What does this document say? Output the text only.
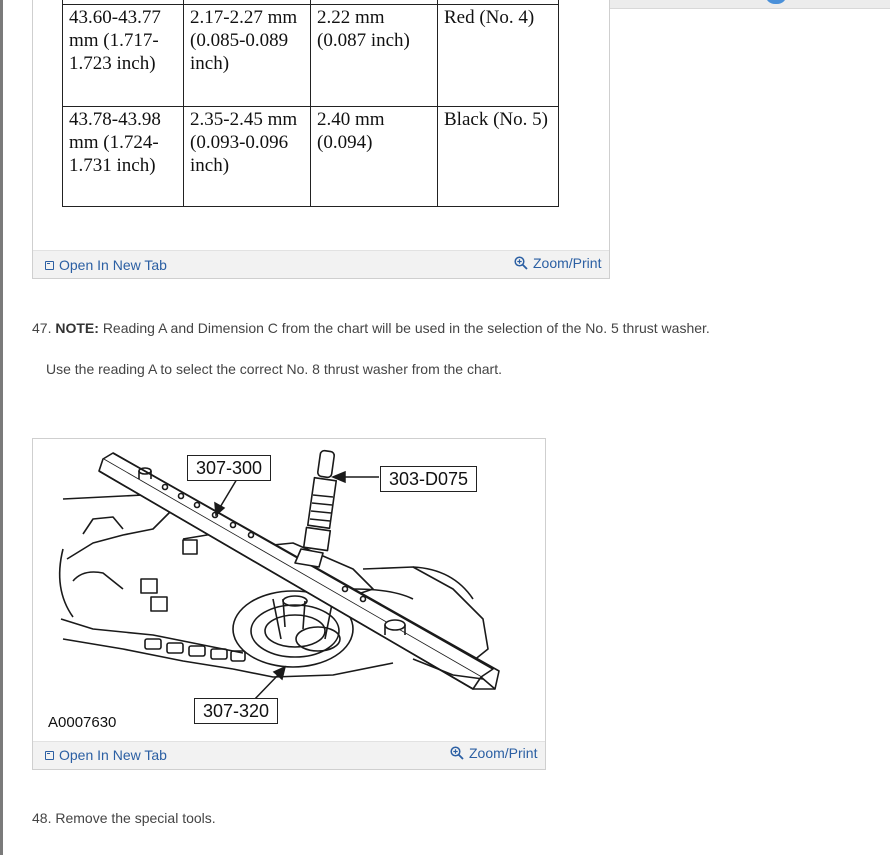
43.60-43.77 mm (1.717-1.723 inch)	2.17-2.27 mm (0.085-0.089 inch)	2.22 mm (0.087 inch)	Red (No. 4)
43.78-43.98 mm (1.724-1.731 inch)	2.35-2.45 mm (0.093-0.096 inch)	2.40 mm (0.094)	Black (No. 5)
Open In New Tab	Zoom/Print
47. NOTE: Reading A and Dimension C from the chart will be used in the selection of the No. 5 thrust washer.
Use the reading A to select the correct No. 8 thrust washer from the chart.
307-300
303-D075
307-320
A0007630
Open In New Tab	Zoom/Print
48. Remove the special tools.
